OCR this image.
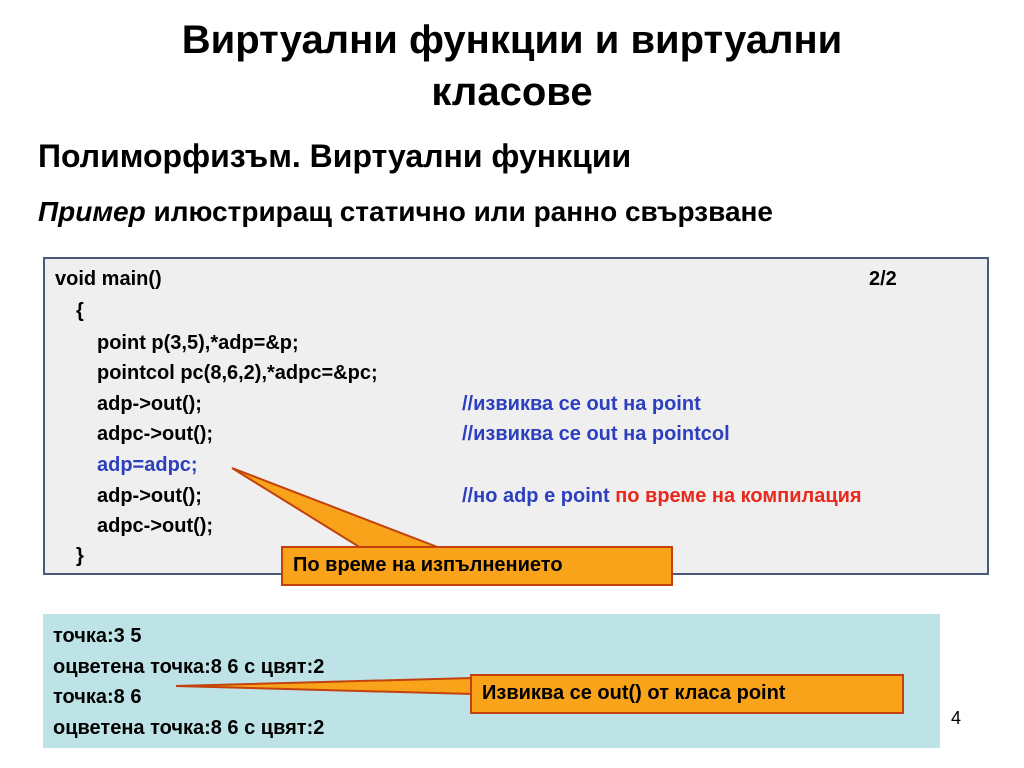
Виртуални функции и виртуални
класове
Полиморфизъм. Виртуални функции
Пример илюстриращ статично или ранно свързване
void main()	2/2
{
point p(3,5),*adp=&p;
pointcol pc(8,6,2),*adpc=&pc;
adp->out();	//извиква се out на point
adpc->out();	//извиква се out на pointcol
adp=adpc;
adp->out();	//но adp е point по време на компилация
adpc->out();
}
точка:3 5
оцветена точка:8 6 с цвят:2
точка:8 6
оцветена точка:8 6 с цвят:2
По време на изпълнението
Извиква се out() от класа point
4
